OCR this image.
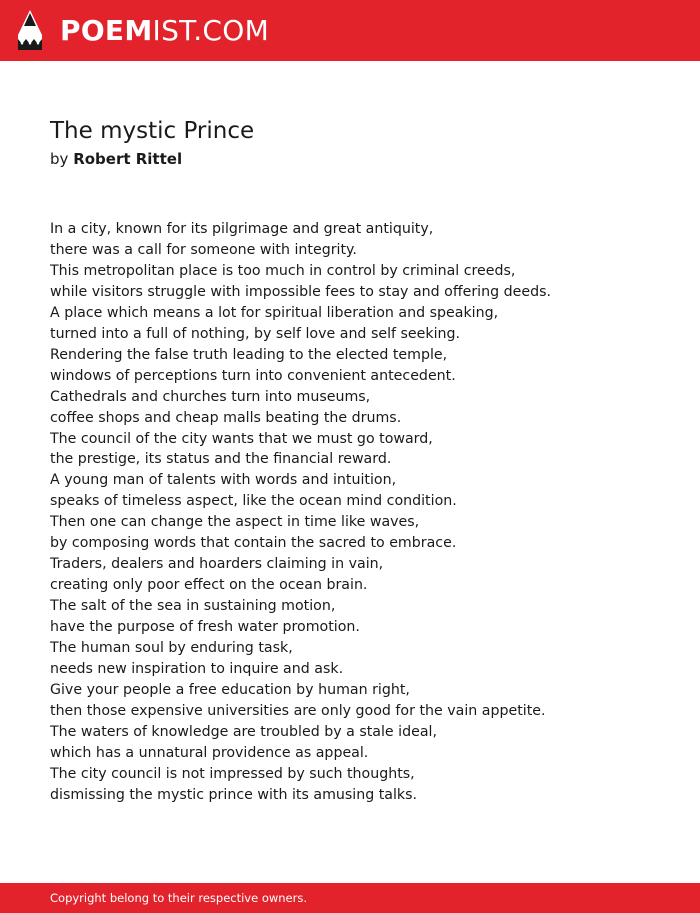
POEMIST.COM
The mystic Prince
by Robert Rittel
In a city, known for its pilgrimage and great antiquity,
there was a call for someone with integrity.
This metropolitan place is too much in control by criminal creeds,
while visitors struggle with impossible fees to stay and offering deeds.
A place which means a lot for spiritual liberation and speaking,
turned into a full of nothing, by self love and self seeking.
Rendering the false truth leading to the elected temple,
windows of perceptions turn into convenient antecedent.
Cathedrals and churches turn into museums,
coffee shops and cheap malls beating the drums.
The council of the city wants that we must go toward,
the prestige, its status and the financial reward.
A young man of talents with words and intuition,
speaks of timeless aspect, like the ocean mind condition.
Then one can change the aspect in time like waves,
by composing words that contain the sacred to embrace.
Traders, dealers and hoarders claiming in vain,
creating only poor effect on the ocean brain.
The salt of the sea in sustaining motion,
have the purpose of fresh water promotion.
The human soul by enduring task,
needs new inspiration to inquire and ask.
Give your people a free education by human right,
then those expensive universities are only good for the vain appetite.
The waters of knowledge are troubled by a stale ideal,
which has a unnatural providence as appeal.
The city council is not impressed by such thoughts,
dismissing the mystic prince with its amusing talks.
Copyright belong to their respective owners.
